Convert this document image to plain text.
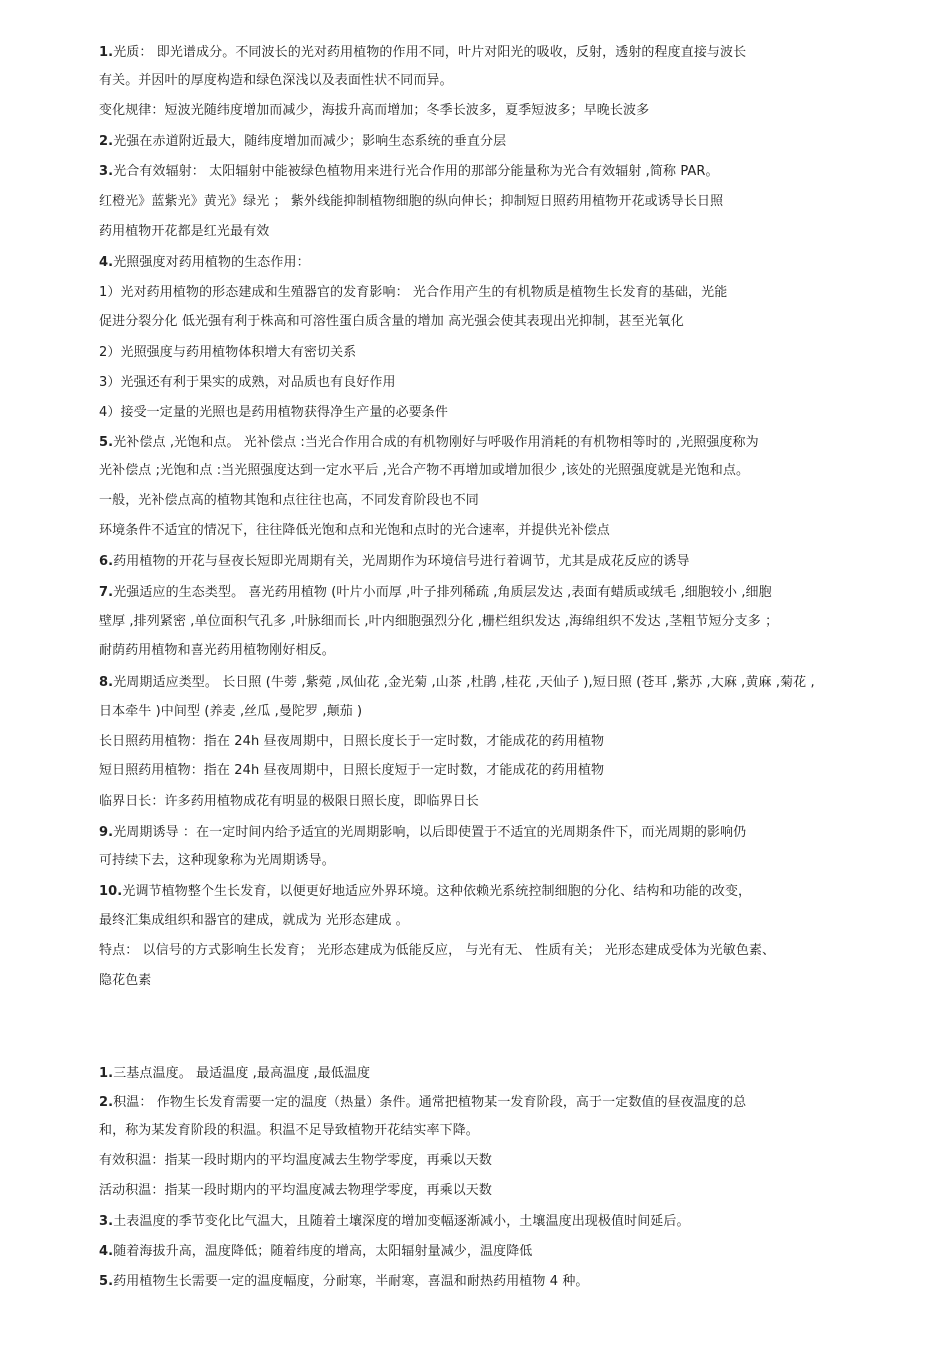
1.光质： 即光谱成分。不同波长的光对药用植物的作用不同，叶片对阳光的吸收，反射，透射的程度直接与波长
有关。并因叶的厚度构造和绿色深浅以及表面性状不同而异。
变化规律：短波光随纬度增加而减少，海拔升高而增加；冬季长波多，夏季短波多；早晚长波多
2.光强在赤道附近最大，随纬度增加而减少；影响生态系统的垂直分层
3.光合有效辐射： 太阳辐射中能被绿色植物用来进行光合作用的那部分能量称为光合有效辐射 ,简称 PAR。
红橙光》蓝紫光》黄光》绿光 ； 紫外线能抑制植物细胞的纵向伸长；抑制短日照药用植物开花或诱导长日照
药用植物开花都是红光最有效
4.光照强度对药用植物的生态作用：
1）光对药用植物的形态建成和生殖器官的发育影响： 光合作用产生的有机物质是植物生长发育的基础，光能
促进分裂分化 低光强有利于株高和可溶性蛋白质含量的增加 高光强会使其表现出光抑制，甚至光氧化
2）光照强度与药用植物体积增大有密切关系
3）光强还有利于果实的成熟，对品质也有良好作用
4）接受一定量的光照也是药用植物获得净生产量的必要条件
5.光补偿点 ,光饱和点。 光补偿点 :当光合作用合成的有机物刚好与呼吸作用消耗的有机物相等时的 ,光照强度称为
光补偿点 ;光饱和点 :当光照强度达到一定水平后 ,光合产物不再增加或增加很少 ,该处的光照强度就是光饱和点。
一般，光补偿点高的植物其饱和点往往也高，不同发育阶段也不同
环境条件不适宜的情况下，往往降低光饱和点和光饱和点时的光合速率，并提供光补偿点
6.药用植物的开花与昼夜长短即光周期有关，光周期作为环境信号进行着调节，尤其是成花反应的诱导
7.光强适应的生态类型。 喜光药用植物 (叶片小而厚 ,叶子排列稀疏 ,角质层发达 ,表面有蜡质或绒毛 ,细胞较小 ,细胞
壁厚 ,排列紧密 ,单位面积气孔多 ,叶脉细而长 ,叶内细胞强烈分化 ,栅栏组织发达 ,海绵组织不发达 ,茎粗节短分支多 ；
耐荫药用植物和喜光药用植物刚好相反。
8.光周期适应类型。 长日照 (牛蒡 ,紫菀 ,凤仙花 ,金光菊 ,山茶 ,杜鹃 ,桂花 ,天仙子 ),短日照 (苍耳 ,紫苏 ,大麻 ,黄麻 ,菊花 ,
日本牵牛 )中间型 (养麦 ,丝瓜 ,曼陀罗 ,颠茄 )
长日照药用植物：指在 24h 昼夜周期中，日照长度长于一定时数，才能成花的药用植物
短日照药用植物：指在 24h 昼夜周期中，日照长度短于一定时数，才能成花的药用植物
临界日长：许多药用植物成花有明显的极限日照长度，即临界日长
9.光周期诱导 ：在一定时间内给予适宜的光周期影响，以后即使置于不适宜的光周期条件下，而光周期的影响仍
可持续下去，这种现象称为光周期诱导。
10.光调节植物整个生长发育，以便更好地适应外界环境。这种依赖光系统控制细胞的分化、结构和功能的改变，
最终汇集成组织和器官的建成，就成为 光形态建成 。
特点： 以信号的方式影响生长发育； 光形态建成为低能反应， 与光有无、 性质有关； 光形态建成受体为光敏色素、
隐花色素
1.三基点温度。 最适温度 ,最高温度 ,最低温度
2.积温： 作物生长发育需要一定的温度（热量）条件。通常把植物某一发育阶段，高于一定数值的昼夜温度的总
和，称为某发育阶段的积温。积温不足导致植物开花结实率下降。
有效积温：指某一段时期内的平均温度减去生物学零度，再乘以天数
活动积温：指某一段时期内的平均温度减去物理学零度，再乘以天数
3.土表温度的季节变化比气温大，且随着土壤深度的增加变幅逐渐减小，土壤温度出现极值时间延后。
4.随着海拔升高，温度降低；随着纬度的增高，太阳辐射量减少，温度降低
5.药用植物生长需要一定的温度幅度，分耐寒，半耐寒，喜温和耐热药用植物 4 种。
